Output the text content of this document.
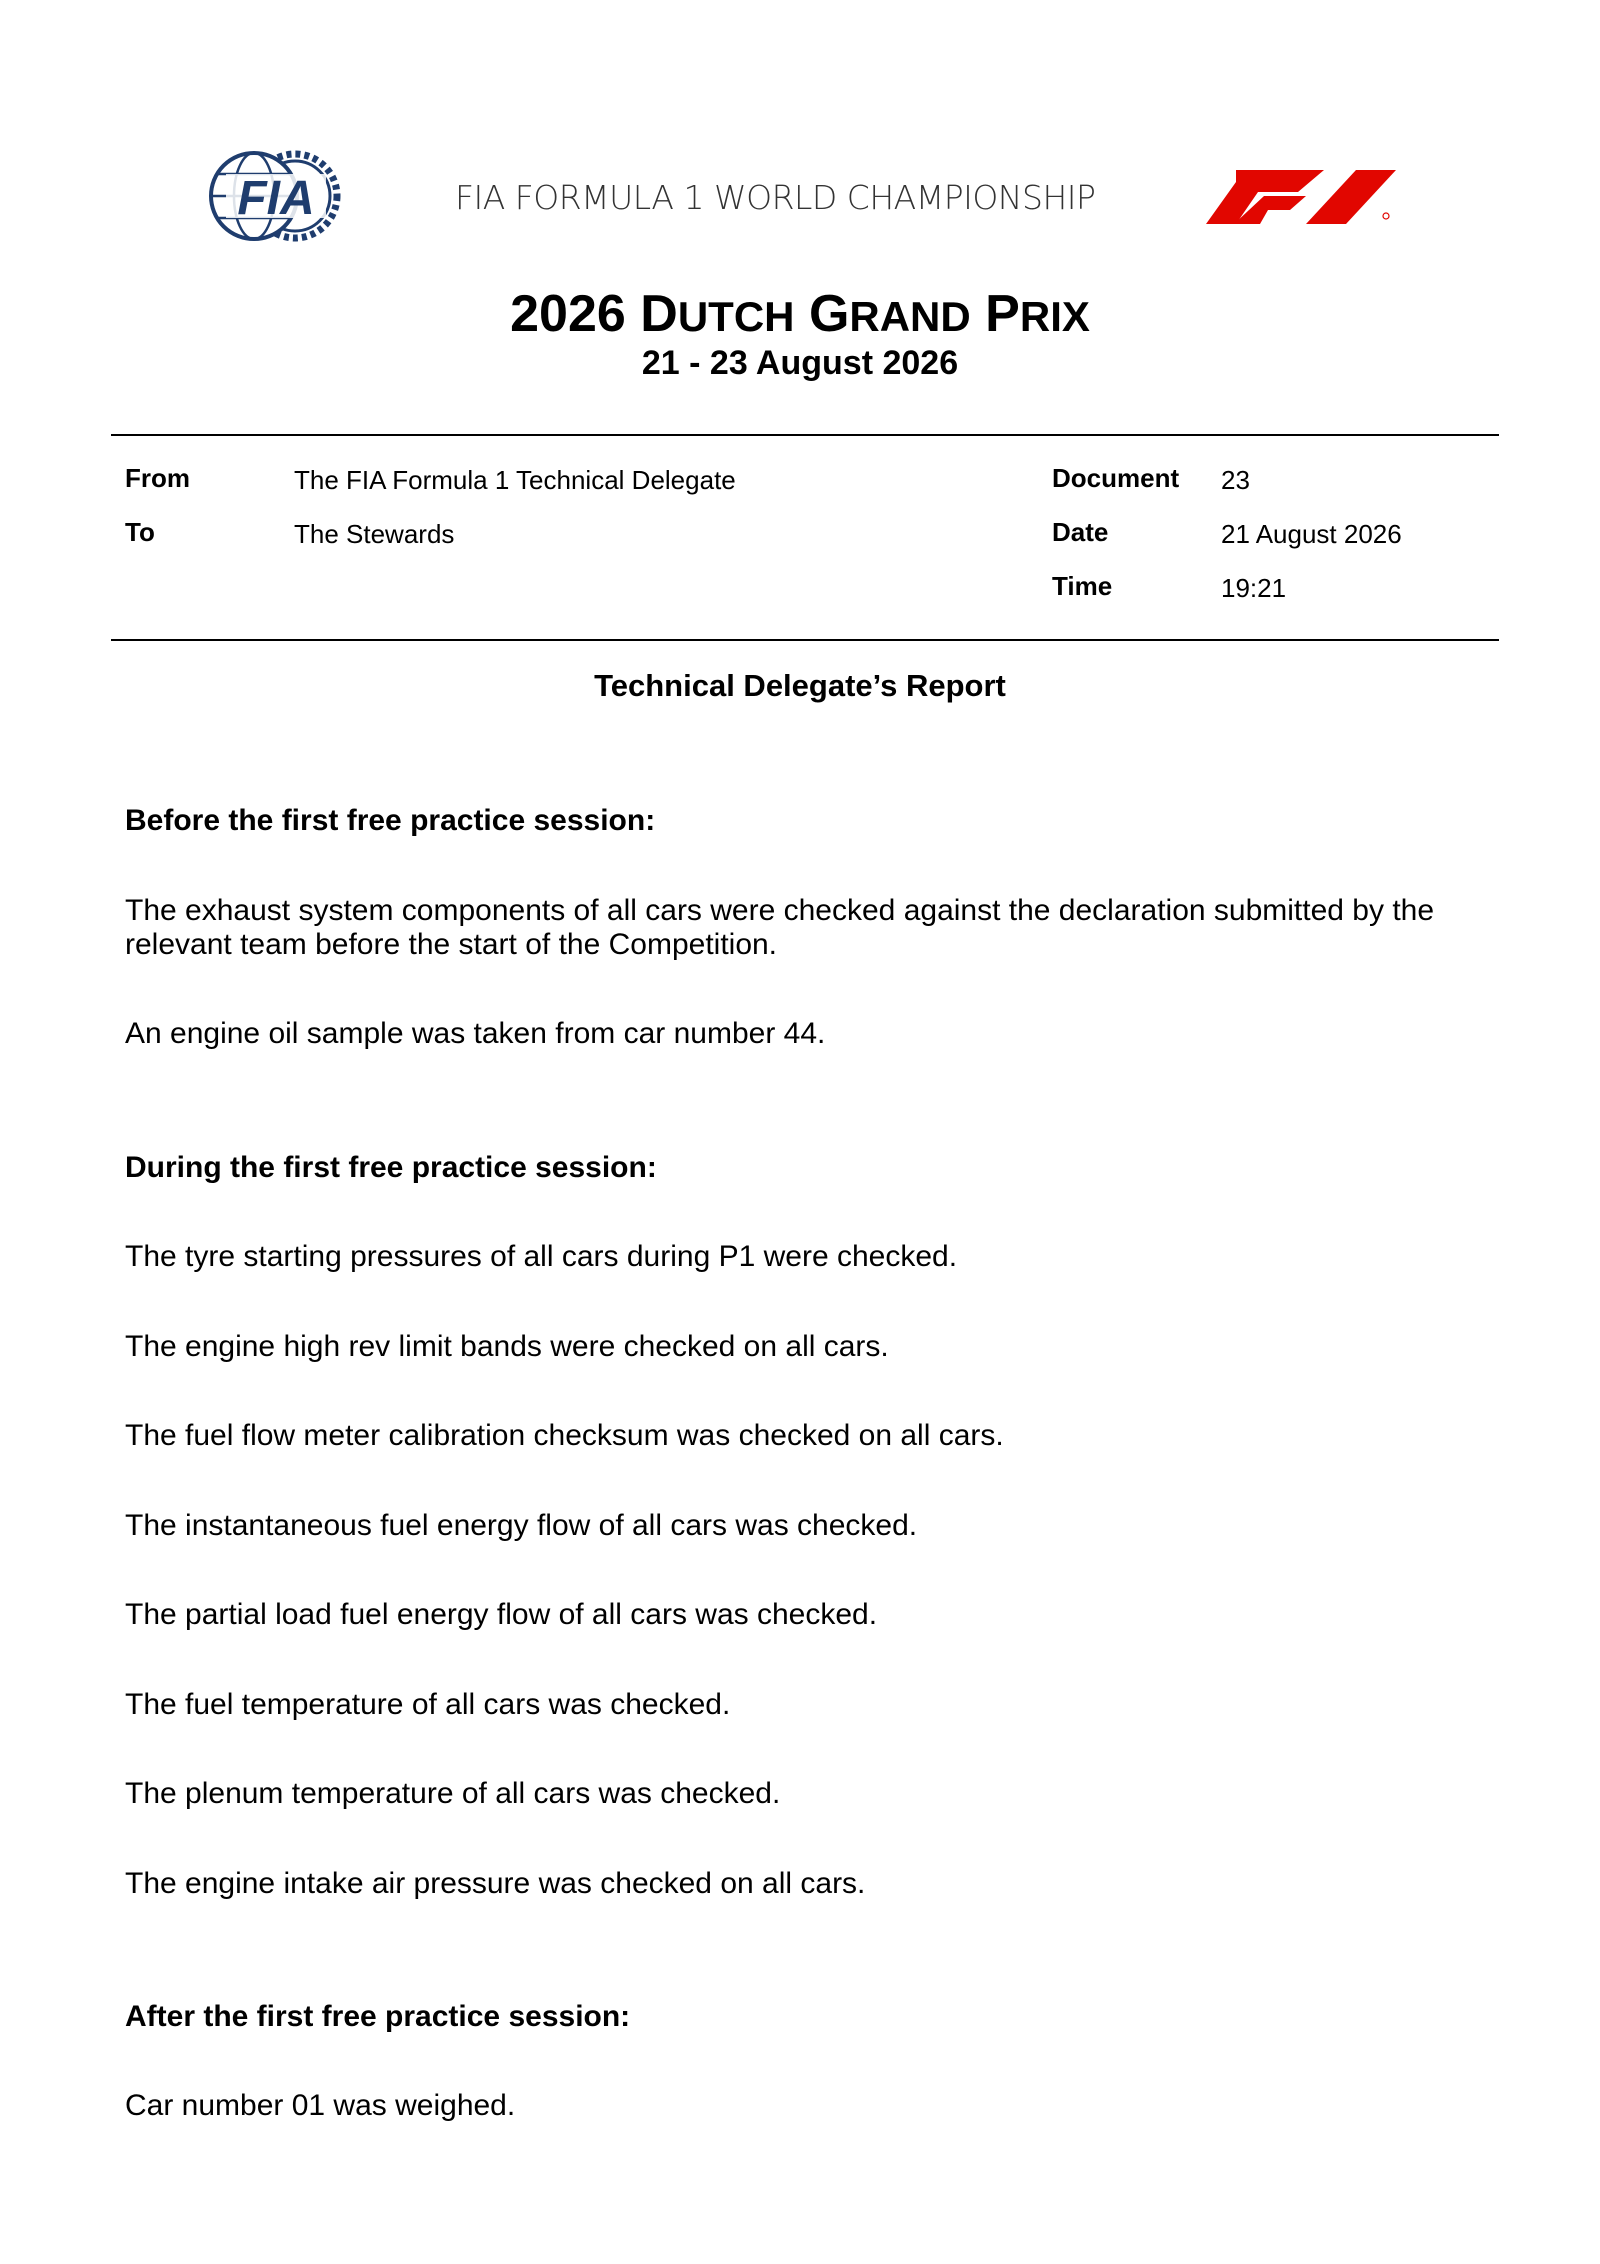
FIA	FIA FORMULA 1 WORLD CHAMPIONSHIP
2026 DUTCH GRAND PRIX
21 - 23 August 2026
From	The FIA Formula 1 Technical Delegate
To	The Stewards
Document 23
Date	21 August 2026
Time	19:21
Technical Delegate’s Report
Before the first free practice session:
The exhaust system components of all cars were checked against the declaration submitted by the relevant team before the start of the Competition.
An engine oil sample was taken from car number 44.
During the first free practice session:
The tyre starting pressures of all cars during P1 were checked.
The engine high rev limit bands were checked on all cars.
The fuel flow meter calibration checksum was checked on all cars.
The instantaneous fuel energy flow of all cars was checked.
The partial load fuel energy flow of all cars was checked.
The fuel temperature of all cars was checked.
The plenum temperature of all cars was checked.
The engine intake air pressure was checked on all cars.
After the first free practice session:
Car number 01 was weighed.
